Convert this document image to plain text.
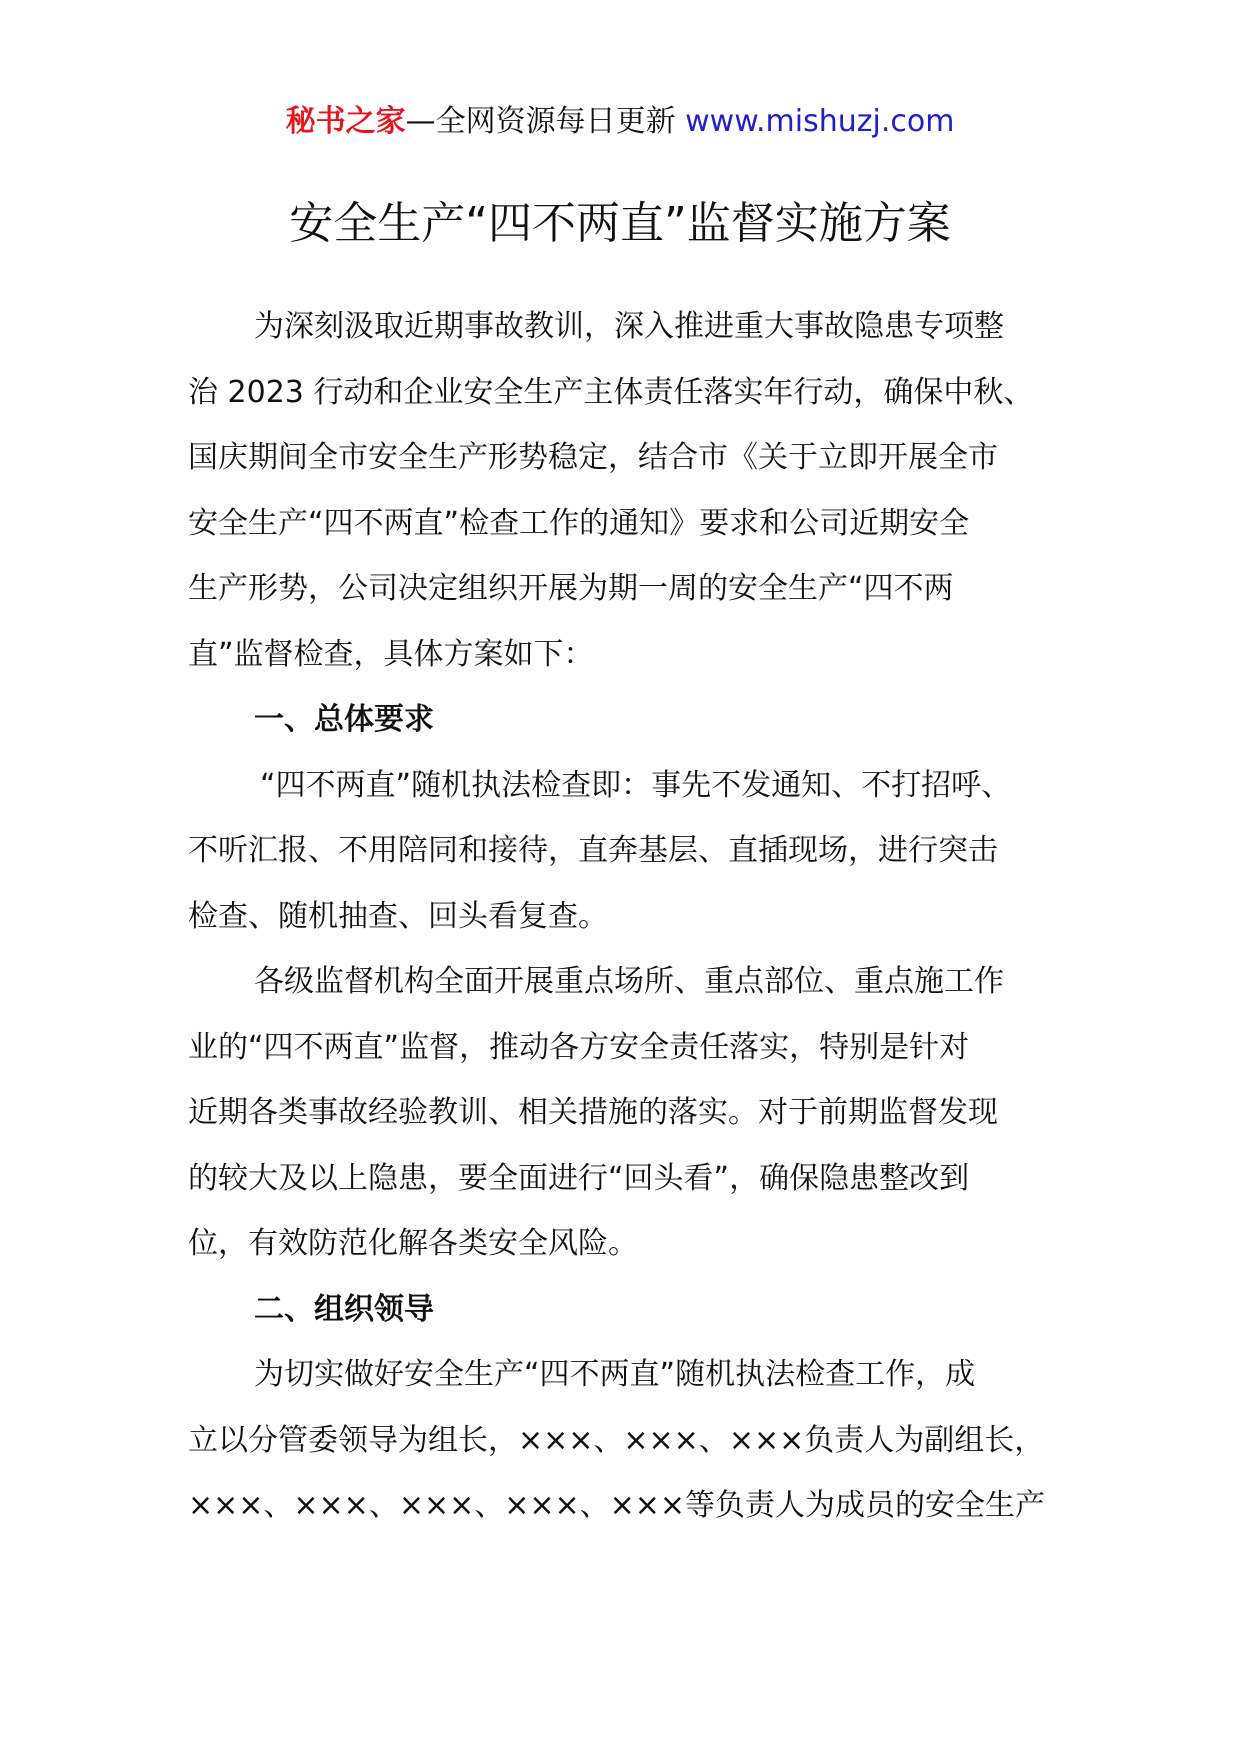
秘书之家—全网资源每日更新 www.mishuzj.com
安全生产“四不两直”监督实施方案
为深刻汲取近期事故教训，深入推进重大事故隐患专项整
治 2023 行动和企业安全生产主体责任落实年行动，确保中秋、
国庆期间全市安全生产形势稳定，结合市《关于立即开展全市
安全生产“四不两直”检查工作的通知》要求和公司近期安全
生产形势，公司决定组织开展为期一周的安全生产“四不两
直”监督检查，具体方案如下：
一、总体要求
“四不两直”随机执法检查即：事先不发通知、不打招呼、
不听汇报、不用陪同和接待，直奔基层、直插现场，进行突击
检查、随机抽查、回头看复查。
各级监督机构全面开展重点场所、重点部位、重点施工作
业的“四不两直”监督，推动各方安全责任落实，特别是针对
近期各类事故经验教训、相关措施的落实。对于前期监督发现
的较大及以上隐患，要全面进行“回头看”，确保隐患整改到
位，有效防范化解各类安全风险。
二、组织领导
为切实做好安全生产“四不两直”随机执法检查工作，成
立以分管委领导为组长，×××、×××、×××负责人为副组长，
×××、×××、×××、×××、×××等负责人为成员的安全生产
